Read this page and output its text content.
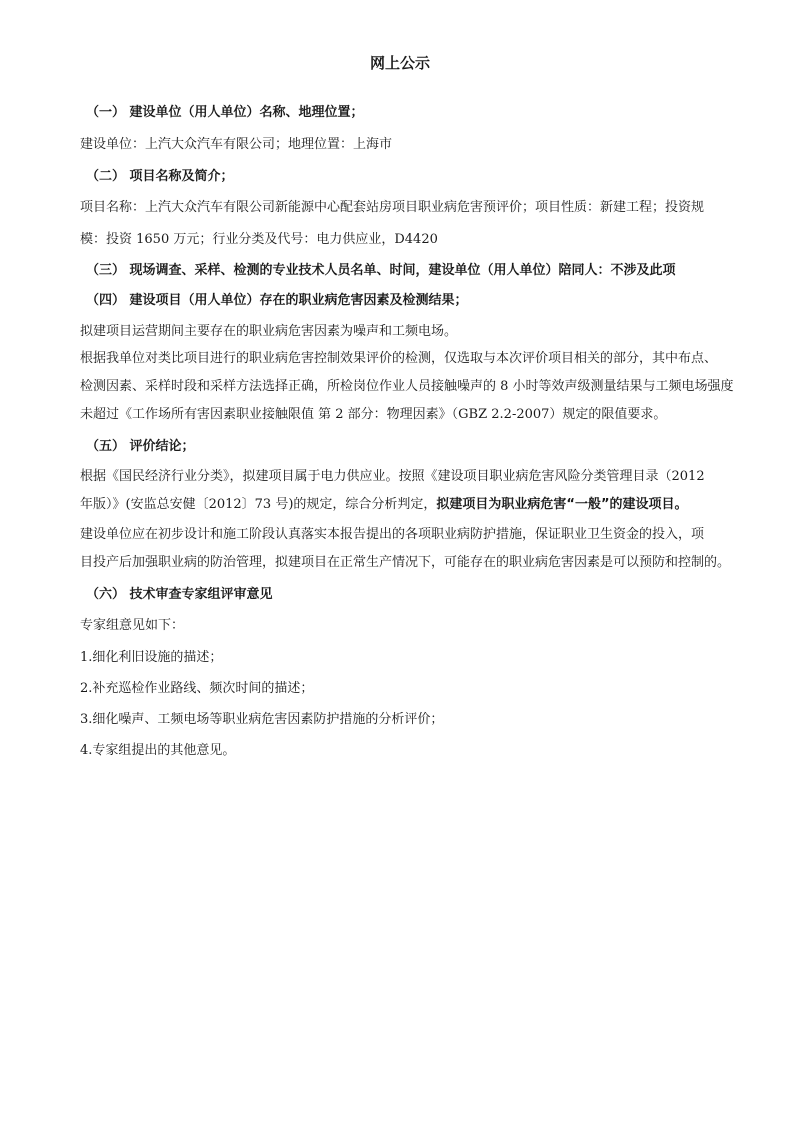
网上公示
（一） 建设单位（用人单位）名称、地理位置；
建设单位：上汽大众汽车有限公司；地理位置：上海市
（二） 项目名称及简介；
项目名称：上汽大众汽车有限公司新能源中心配套站房项目职业病危害预评价；项目性质：新建工程；投资规
模：投资 1650 万元；行业分类及代号：电力供应业，D4420
（三） 现场调查、采样、检测的专业技术人员名单、时间，建设单位（用人单位）陪同人：不涉及此项
（四） 建设项目（用人单位）存在的职业病危害因素及检测结果；
拟建项目运营期间主要存在的职业病危害因素为噪声和工频电场。
根据我单位对类比项目进行的职业病危害控制效果评价的检测，仅选取与本次评价项目相关的部分，其中布点、
检测因素、采样时段和采样方法选择正确，所检岗位作业人员接触噪声的 8 小时等效声级测量结果与工频电场强度
未超过《工作场所有害因素职业接触限值 第 2 部分：物理因素》（GBZ 2.2-2007）规定的限值要求。
（五） 评价结论；
根据《国民经济行业分类》，拟建项目属于电力供应业。按照《建设项目职业病危害风险分类管理目录（2012
年版）》(安监总安健〔2012〕73 号)的规定，综合分析判定，拟建项目为职业病危害“一般”的建设项目。
建设单位应在初步设计和施工阶段认真落实本报告提出的各项职业病防护措施，保证职业卫生资金的投入，项
目投产后加强职业病的防治管理，拟建项目在正常生产情况下，可能存在的职业病危害因素是可以预防和控制的。
（六） 技术审查专家组评审意见
专家组意见如下：
1.细化利旧设施的描述；
2.补充巡检作业路线、频次时间的描述；
3.细化噪声、工频电场等职业病危害因素防护措施的分析评价；
4.专家组提出的其他意见。
